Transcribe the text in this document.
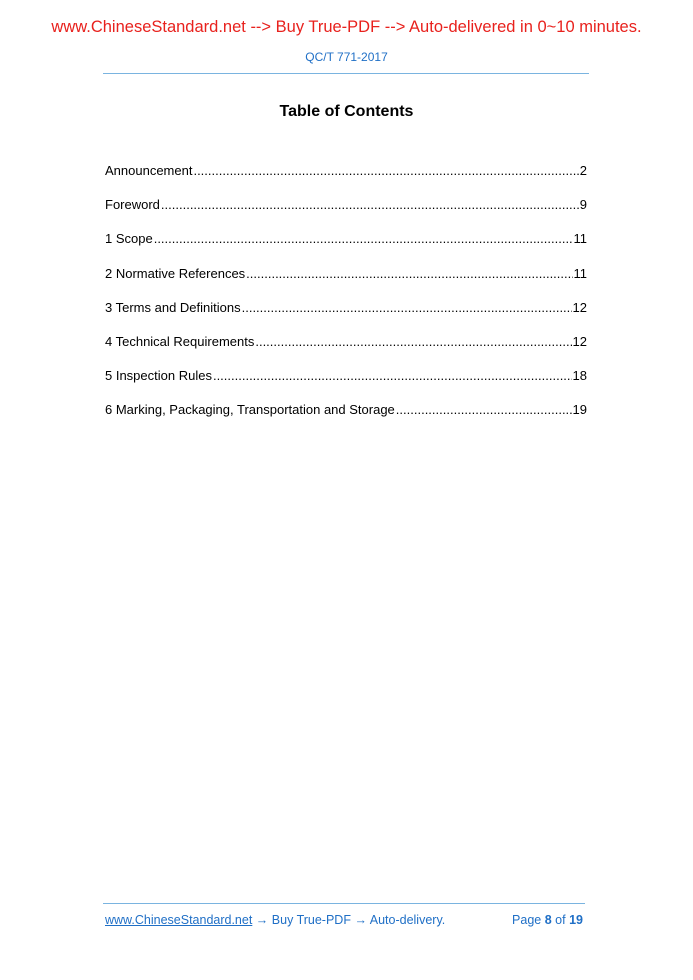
www.ChineseStandard.net --> Buy True-PDF --> Auto-delivered in 0~10 minutes.
QC/T 771-2017
Table of Contents
Announcement .....	2
Foreword .....	9
1 Scope .....	11
2 Normative References .....	11
3 Terms and Definitions .....	12
4 Technical Requirements .....	12
5 Inspection Rules .....	18
6 Marking, Packaging, Transportation and Storage .....	19
www.ChineseStandard.net → Buy True-PDF → Auto-delivery.	Page 8 of 19
